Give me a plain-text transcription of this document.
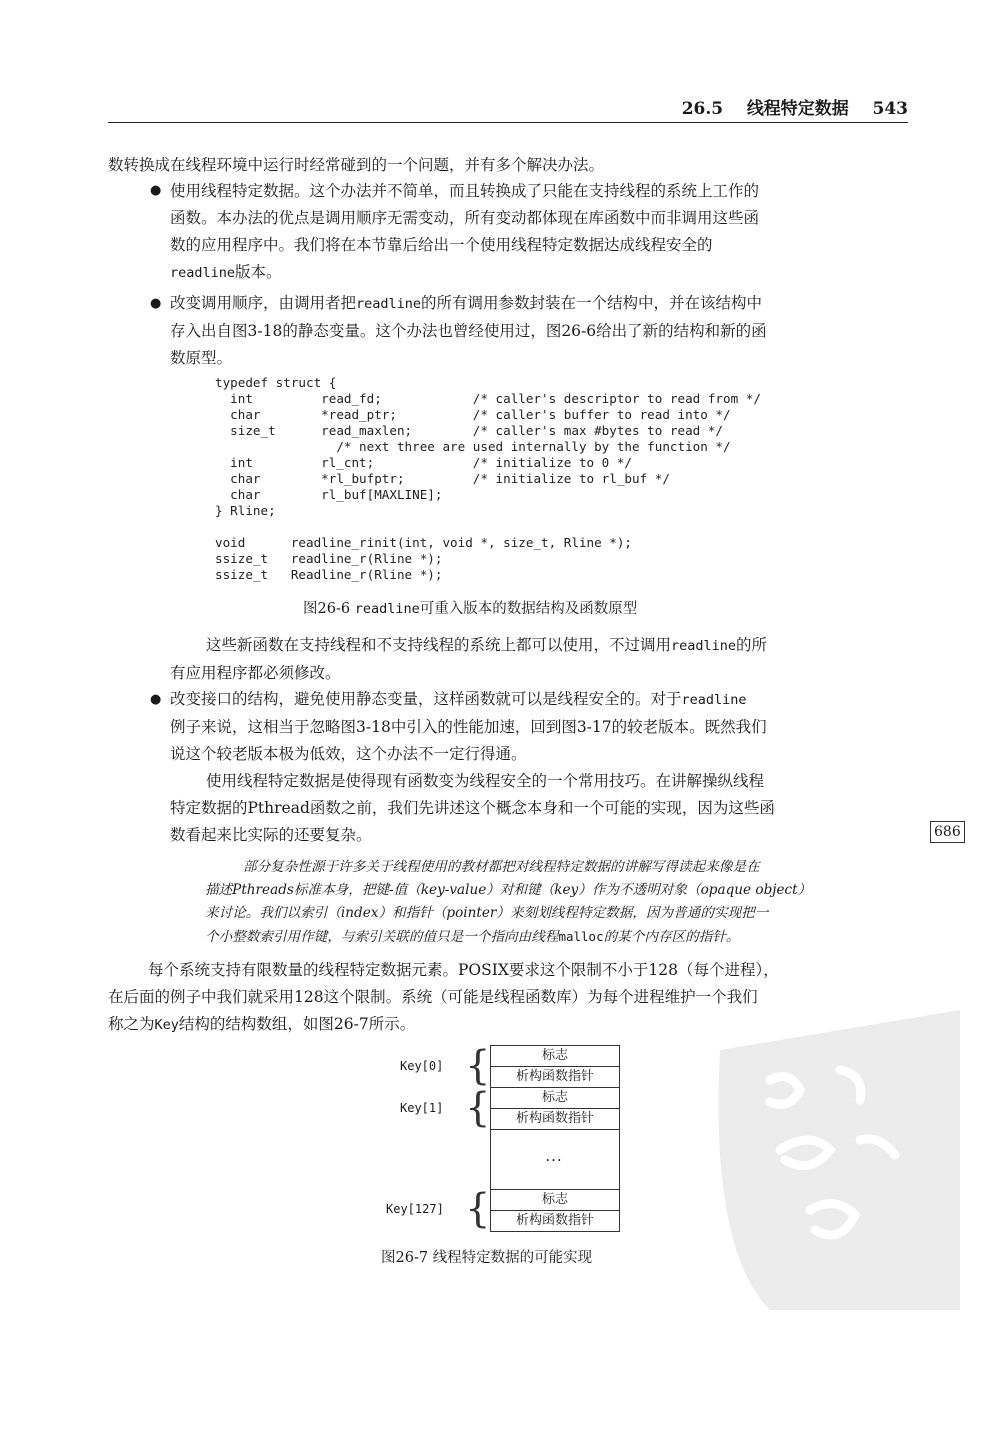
26.5 线程特定数据 543
数转换成在线程环境中运行时经常碰到的一个问题，并有多个解决办法。
● 使用线程特定数据。这个办法并不简单，而且转换成了只能在支持线程的系统上工作的
函数。本办法的优点是调用顺序无需变动，所有变动都体现在库函数中而非调用这些函
数的应用程序中。我们将在本节靠后给出一个使用线程特定数据达成线程安全的
readline版本。
● 改变调用顺序，由调用者把readline的所有调用参数封装在一个结构中，并在该结构中
存入出自图3-18的静态变量。这个办法也曾经使用过，图26-6给出了新的结构和新的函
数原型。
typedef struct {
int         read_fd;            /* caller's descriptor to read from */
char        *read_ptr;          /* caller's buffer to read into */
size_t      read_maxlen;        /* caller's max #bytes to read */
/* next three are used internally by the function */
int         rl_cnt;             /* initialize to 0 */
char        *rl_bufptr;         /* initialize to rl_buf */
char        rl_buf[MAXLINE];
} Rline;

void      readline_rinit(int, void *, size_t, Rline *);
ssize_t   readline_r(Rline *);
ssize_t   Readline_r(Rline *);
图26-6 readline可重入版本的数据结构及函数原型
这些新函数在支持线程和不支持线程的系统上都可以使用，不过调用readline的所
有应用程序都必须修改。
● 改变接口的结构，避免使用静态变量，这样函数就可以是线程安全的。对于readline
例子来说，这相当于忽略图3-18中引入的性能加速，回到图3-17的较老版本。既然我们
说这个较老版本极为低效，这个办法不一定行得通。
使用线程特定数据是使得现有函数变为线程安全的一个常用技巧。在讲解操纵线程
特定数据的Pthread函数之前，我们先讲述这个概念本身和一个可能的实现，因为这些函
数看起来比实际的还要复杂。	686
部分复杂性源于许多关于线程使用的教材都把对线程特定数据的讲解写得读起来像是在
描述Pthreads标准本身，把键-值（key-value）对和键（key）作为不透明对象（opaque object）
来讨论。我们以索引（index）和指针（pointer）来刻划线程特定数据，因为普通的实现把一
个小整数索引用作键，与索引关联的值只是一个指向由线程malloc的某个内存区的指针。
每个系统支持有限数量的线程特定数据元素。POSIX要求这个限制不小于128（每个进程），
在后面的例子中我们就采用128这个限制。系统（可能是线程函数库）为每个进程维护一个我们
称之为Key结构的结构数组，如图26-7所示。
Key[0] {	标志
析构函数指针
Key[1] {	标志
析构函数指针
···
Key[127] {	标志
析构函数指针
图26-7 线程特定数据的可能实现
